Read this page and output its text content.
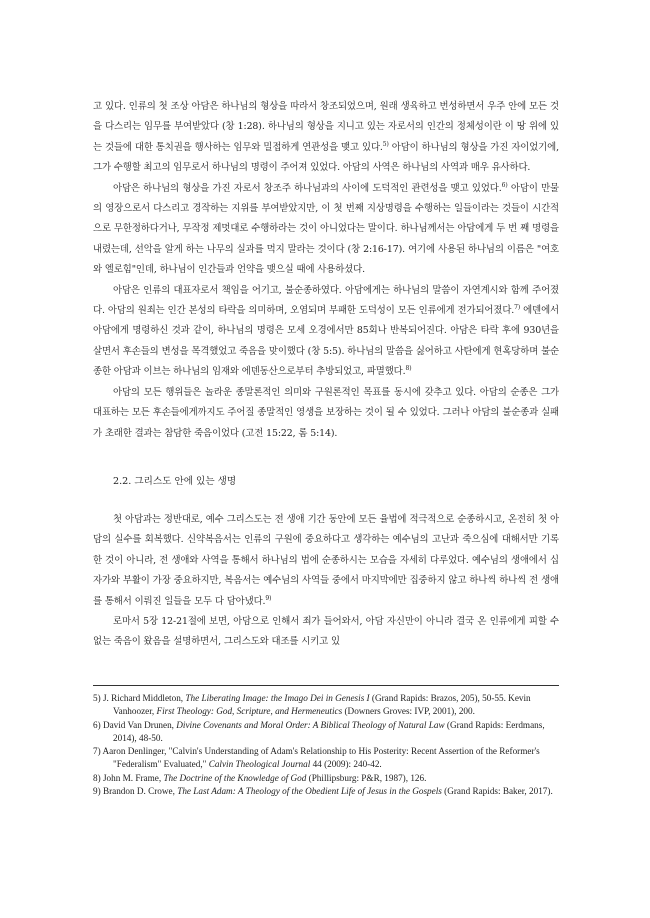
고 있다. 인류의 첫 조상 아담은 하나님의 형상을 따라서 창조되었으며, 원래 생육하고 번성하면서 우주 안에 모든 것을 다스리는 임무를 부여받았다 (창 1:28). 하나님의 형상을 지니고 있는 자로서의 인간의 정체성이란 이 땅 위에 있는 것들에 대한 통치권을 행사하는 임무와 밀접하게 연관성을 맺고 있다.$^{5)}$ 아담이 하나님의 형상을 가진 자이었기에, 그가 수행할 최고의 임무로서 하나님의 명령이 주어져 있었다. 아담의 사역은 하나님의 사역과 매우 유사하다.

아담은 하나님의 형상을 가진 자로서 창조주 하나님과의 사이에 도덕적인 관련성을 맺고 있었다.$^{6)}$ 아담이 만물의 영장으로서 다스리고 경작하는 지위를 부여받았지만, 이 첫 번째 지상명령을 수행하는 일들이라는 것들이 시간적으로 무한정하다거나, 무작정 제멋대로 수행하라는 것이 아니었다는 말이다. 하나님께서는 아담에게 두 번 째 명령을 내렸는데, 선악을 알게 하는 나무의 실과를 먹지 말라는 것이다 (창 2:16-17). 여기에 사용된 하나님의 이름은 "여호와 엘로힘"인데, 하나님이 인간들과 언약을 맺으실 때에 사용하셨다.

아담은 인류의 대표자로서 책임을 어기고, 불순종하였다. 아담에게는 하나님의 말씀이 자연계시와 함께 주어졌다. 아담의 원죄는 인간 본성의 타락을 의미하며, 오염되며 부패한 도덕성이 모든 인류에게 전가되어졌다.$^{7)}$ 에덴에서 아담에게 명령하신 것과 같이, 하나님의 명령은 모세 오경에서만 85회나 반복되어진다. 아담은 타락 후에 930년을 살면서 후손들의 변성을 목격했었고 죽음을 맞이했다 (창 5:5). 하나님의 말씀을 싫어하고 사탄에게 현혹당하며 불순종한 아담과 이브는 하나님의 임재와 에덴동산으로부터 추방되었고, 파멸했다.$^{8)}$

아담의 모든 행위들은 놀라운 종말론적인 의미와 구원론적인 목표를 동시에 갖추고 있다. 아담의 순종은 그가 대표하는 모든 후손들에게까지도 주어질 종말적인 영생을 보장하는 것이 될 수 있었다. 그러나 아담의 불순종과 실패가 초래한 결과는 참담한 죽음이었다 (고전 15:22, 롬 5:14).

2.2. 그리스도 안에 있는 생명

첫 아담과는 정반대로, 예수 그리스도는 전 생애 기간 동안에 모든 율법에 적극적으로 순종하시고, 온전히 첫 아담의 실수를 회복했다. 신약복음서는 인류의 구원에 중요하다고 생각하는 예수님의 고난과 죽으심에 대해서만 기록한 것이 아니라, 전 생애와 사역을 통해서 하나님의 법에 순종하시는 모습을 자세히 다루었다. 예수님의 생애에서 십자가와 부활이 가장 중요하지만, 복음서는 예수님의 사역들 중에서 마지막에만 집중하지 않고 하나씩 하나씩 전 생애를 통해서 이뤄진 일들을 모두 다 담아냈다.$^{9)}$

로마서 5장 12-21절에 보면, 아담으로 인해서 죄가 들어와서, 아담 자신만이 아니라 결국 온 인류에게 피할 수 없는 죽음이 왔음을 설명하면서, 그리스도와 대조를 시키고 있

5) J. Richard Middleton, The Liberating Image: the Imago Dei in Genesis I (Grand Rapids: Brazos, 205), 50-55. Kevin Vanhoozer, First Theology: God, Scripture, and Hermeneutics (Downers Groves: IVP, 2001), 200.

6) David Van Drunen, Divine Covenants and Moral Order: A Biblical Theology of Natural Law (Grand Rapids: Eerdmans, 2014), 48-50.

7) Aaron Denlinger, "Calvin's Understanding of Adam's Relationship to His Posterity: Recent Assertion of the Reformer's "Federalism" Evaluated," Calvin Theological Journal 44 (2009): 240-42.

8) John M. Frame, The Doctrine of the Knowledge of God (Phillipsburg: P&R, 1987), 126.

9) Brandon D. Crowe, The Last Adam: A Theology of the Obedient Life of Jesus in the Gospels (Grand Rapids: Baker, 2017).
